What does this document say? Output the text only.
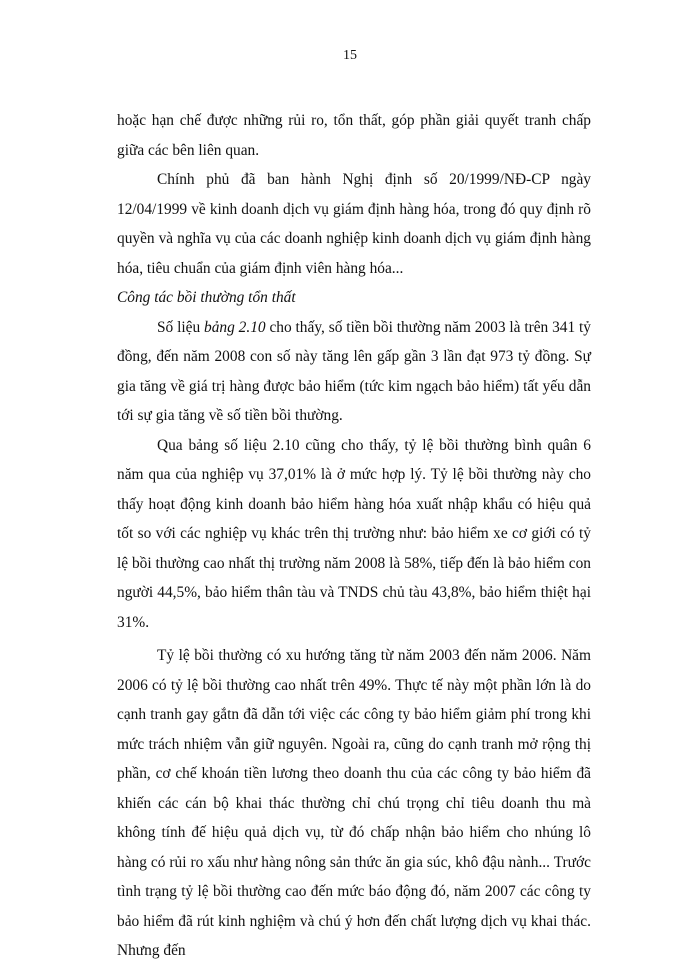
15

hoặc hạn chế được những rủi ro, tổn thất, góp phần giải quyết tranh chấp giữa các bên liên quan.

Chính phủ đã ban hành Nghị định số 20/1999/NĐ-CP ngày 12/04/1999 về kinh doanh dịch vụ giám định hàng hóa, trong đó quy định rõ quyền và nghĩa vụ của các doanh nghiệp kinh doanh dịch vụ giám định hàng hóa, tiêu chuẩn của giám định viên hàng hóa...

Công tác bồi thường tổn thất

Số liệu bảng 2.10 cho thấy, số tiền bồi thường năm 2003 là trên 341 tỷ đồng, đến năm 2008 con số này tăng lên gấp gần 3 lần đạt 973 tỷ đồng. Sự gia tăng về giá trị hàng được bảo hiểm (tức kim ngạch bảo hiểm) tất yếu dẫn tới sự gia tăng về số tiền bồi thường.

Qua bảng số liệu 2.10 cũng cho thấy, tỷ lệ bồi thường bình quân 6 năm qua của nghiệp vụ 37,01% là ở mức hợp lý. Tỷ lệ bồi thường này cho thấy hoạt động kinh doanh bảo hiểm hàng hóa xuất nhập khẩu có hiệu quả tốt so với các nghiệp vụ khác trên thị trường như: bảo hiểm xe cơ giới có tỷ lệ bồi thường cao nhất thị trường năm 2008 là 58%, tiếp đến là bảo hiểm con người 44,5%, bảo hiểm thân tàu và TNDS chủ tàu 43,8%, bảo hiểm thiệt hại 31%.

Tỷ lệ bồi thường có xu hướng tăng từ năm 2003 đến năm 2006. Năm 2006 có tỷ lệ bồi thường cao nhất trên 49%. Thực tế này một phần lớn là do cạnh tranh gay gắtn đã dẫn tới việc các công ty bảo hiểm giảm phí trong khi mức trách nhiệm vẫn giữ nguyên. Ngoài ra, cũng do cạnh tranh mở rộng thị phần, cơ chế khoán tiền lương theo doanh thu của các công ty bảo hiểm đã khiến các cán bộ khai thác thường chỉ chú trọng chỉ tiêu doanh thu mà không tính đế hiệu quả dịch vụ, từ đó chấp nhận bảo hiểm cho nhúng lô hàng có rủi ro xấu như hàng nông sản thức ăn gia súc, khô đậu nành... Trước tình trạng tỷ lệ bồi thường cao đến mức báo động đó, năm 2007 các công ty bảo hiểm đã rút kinh nghiệm và chú ý hơn đến chất lượng dịch vụ khai thác. Nhưng đến
